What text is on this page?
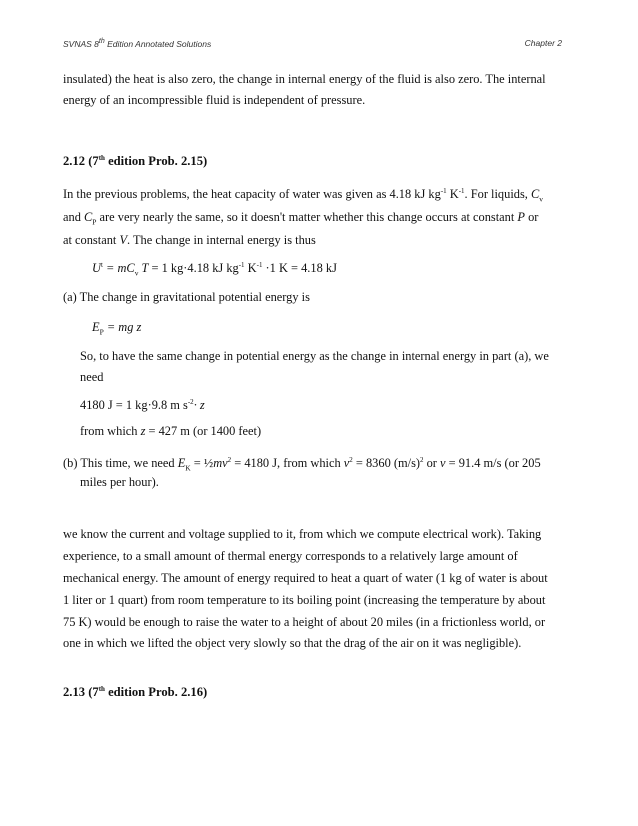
SVNAS 8th Edition Annotated Solutions	Chapter 2
insulated) the heat is also zero, the change in internal energy of the fluid is also zero. The internal
energy of an incompressible fluid is independent of pressure.
2.12 (7th edition Prob. 2.15)
In the previous problems, the heat capacity of water was given as 4.18 kJ $kg^{-1}$ $K^{-1}$. For liquids, $C_v$
and $C_P$ are very nearly the same, so it doesn't matter whether this change occurs at constant P or
at constant V. The change in internal energy is thus
$U^t = mC_v$ T = 1 kg·4.18 kJ $kg^{-1}$ $K^{-1} \cdot 1$ K = 4.18 kJ
(a) The change in gravitational potential energy is
$E_P$ = mg z
So, to have the same change in potential energy as the change in internal energy in part (a), we
need
4180 J = 1 kg·9.8 m $s^{-2}\cdot z$
from which z = 427 m (or 1400 feet)
(b) This time, we need $E_K$ = $\frac{1}{2}mv^2 = 4180$ J, from which $v^2 = 8360$ $(m/s)^2$ or v = 91.4 m/s (or 205
miles per hour).
we know the current and voltage supplied to it, from which we compute electrical work). Taking
experience, to a small amount of thermal energy corresponds to a relatively large amount of
mechanical energy. The amount of energy required to heat a quart of water (1 kg of water is about
1 liter or 1 quart) from room temperature to its boiling point (increasing the temperature by about
75 K) would be enough to raise the water to a height of about 20 miles (in a frictionless world, or
one in which we lifted the object very slowly so that the drag of the air on it was negligible).
2.13 (7th edition Prob. 2.16)
